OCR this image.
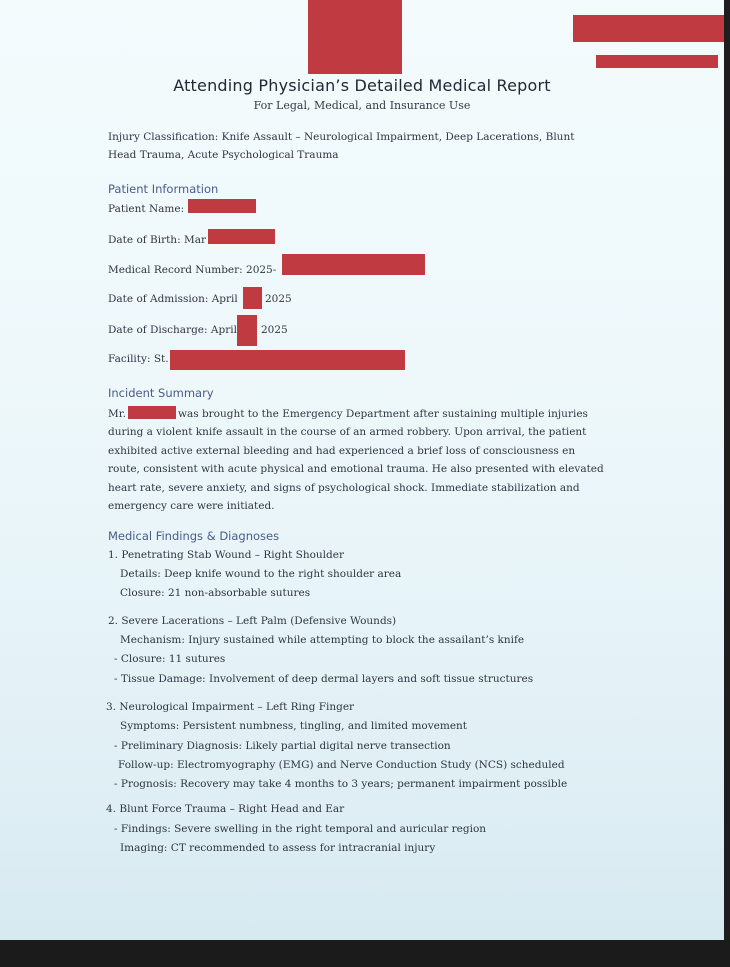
Attending Physician’s Detailed Medical Report
For Legal, Medical, and Insurance Use
Injury Classification: Knife Assault – Neurological Impairment, Deep Lacerations, Blunt
Head Trauma, Acute Psychological Trauma
Patient Information
Patient Name:
Date of Birth: Mar
Medical Record Number: 2025-
Date of Admission: April	2025
Date of Discharge: April 2025
Facility: St.
Incident Summary
Mr.	was brought to the Emergency Department after sustaining multiple injuries during a violent knife assault in the course of an armed robbery. Upon arrival, the patient exhibited active external bleeding and had experienced a brief loss of consciousness en route, consistent with acute physical and emotional trauma. He also presented with elevated heart rate, severe anxiety, and signs of psychological shock. Immediate stabilization and emergency care were initiated.
Medical Findings & Diagnoses
1. Penetrating Stab Wound – Right Shoulder
Details: Deep knife wound to the right shoulder area
Closure: 21 non-absorbable sutures
2. Severe Lacerations – Left Palm (Defensive Wounds)
Mechanism: Injury sustained while attempting to block the assailant’s knife
- Closure: 11 sutures
- Tissue Damage: Involvement of deep dermal layers and soft tissue structures
3. Neurological Impairment – Left Ring Finger
Symptoms: Persistent numbness, tingling, and limited movement
- Preliminary Diagnosis: Likely partial digital nerve transection
Follow-up: Electromyography (EMG) and Nerve Conduction Study (NCS) scheduled
- Prognosis: Recovery may take 4 months to 3 years; permanent impairment possible
4. Blunt Force Trauma – Right Head and Ear
- Findings: Severe swelling in the right temporal and auricular region
Imaging: CT recommended to assess for intracranial injury
